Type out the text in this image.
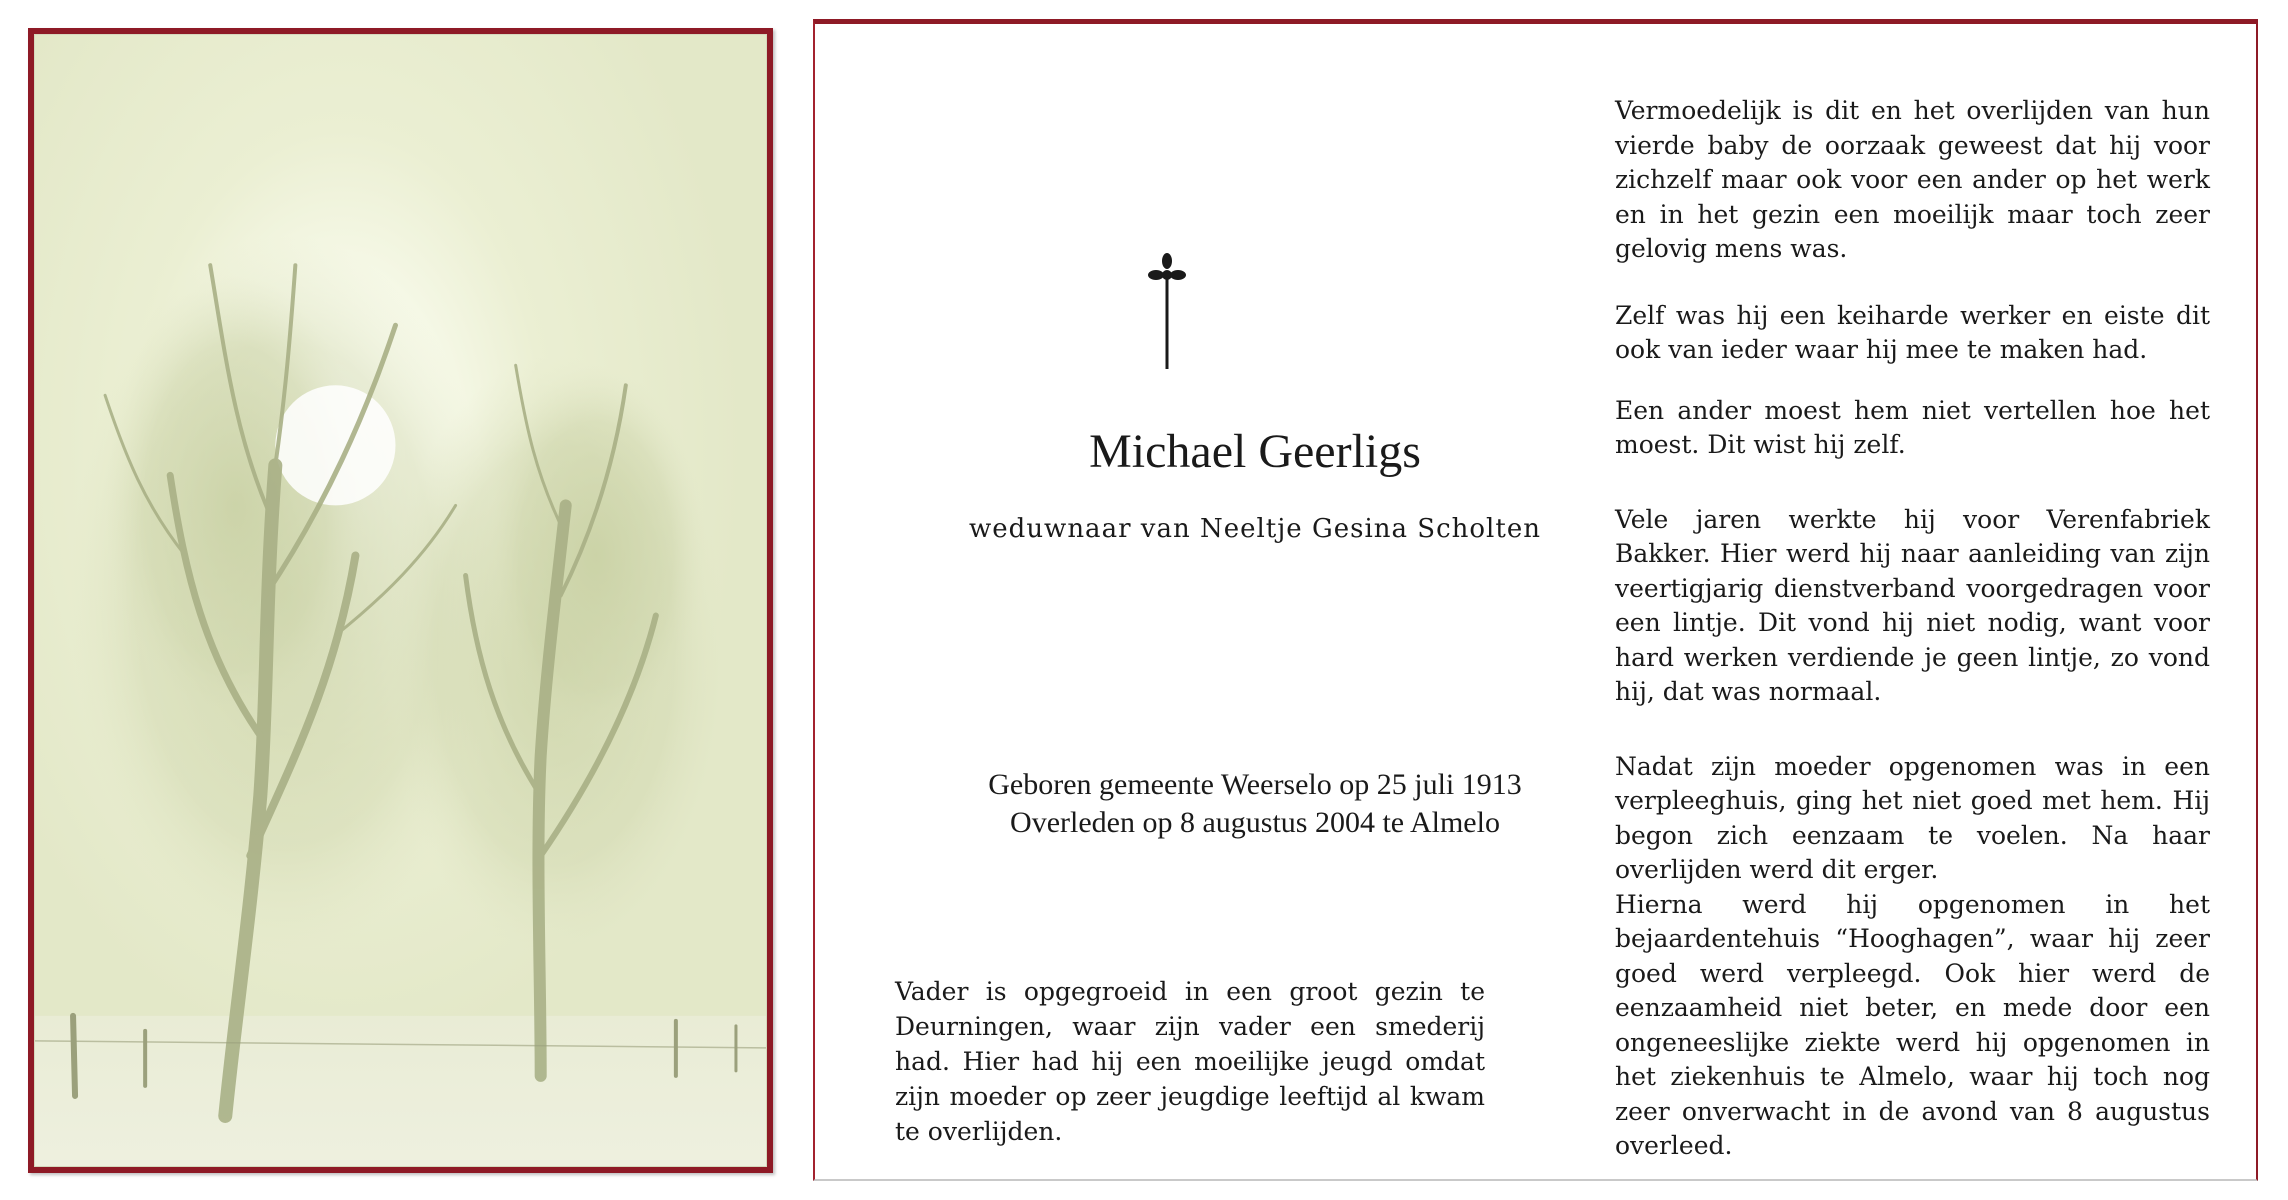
Michael Geerligs
weduwnaar van Neeltje Gesina Scholten
Geboren gemeente Weerselo op 25 juli 1913
Overleden op 8 augustus 2004 te Almelo
Vader is opgegroeid in een groot gezin te Deurningen, waar zijn vader een smederij had. Hier had hij een moeilijke jeugd omdat zijn moeder op zeer jeugdige leeftijd al kwam te overlijden.

Vermoedelijk is dit en het overlijden van hun vierde baby de oorzaak geweest dat hij voor zichzelf maar ook voor een ander op het werk en in het gezin een moeilijk maar toch zeer gelovig mens was.

Zelf was hij een keiharde werker en eiste dit ook van ieder waar hij mee te maken had.

Een ander moest hem niet vertellen hoe het moest. Dit wist hij zelf.

Vele jaren werkte hij voor Verenfabriek Bakker. Hier werd hij naar aanleiding van zijn veertigjarig dienstverband voorgedragen voor een lintje. Dit vond hij niet nodig, want voor hard werken verdiende je geen lintje, zo vond hij, dat was normaal.

Nadat zijn moeder opgenomen was in een verpleeghuis, ging het niet goed met hem. Hij begon zich eenzaam te voelen. Na haar overlijden werd dit erger.

Hierna werd hij opgenomen in het bejaardentehuis “Hooghagen”, waar hij zeer goed werd verpleegd. Ook hier werd de eenzaamheid niet beter, en mede door een ongeneeslijke ziekte werd hij opgenomen in het ziekenhuis te Almelo, waar hij toch nog zeer onverwacht in de avond van 8 augustus overleed.
